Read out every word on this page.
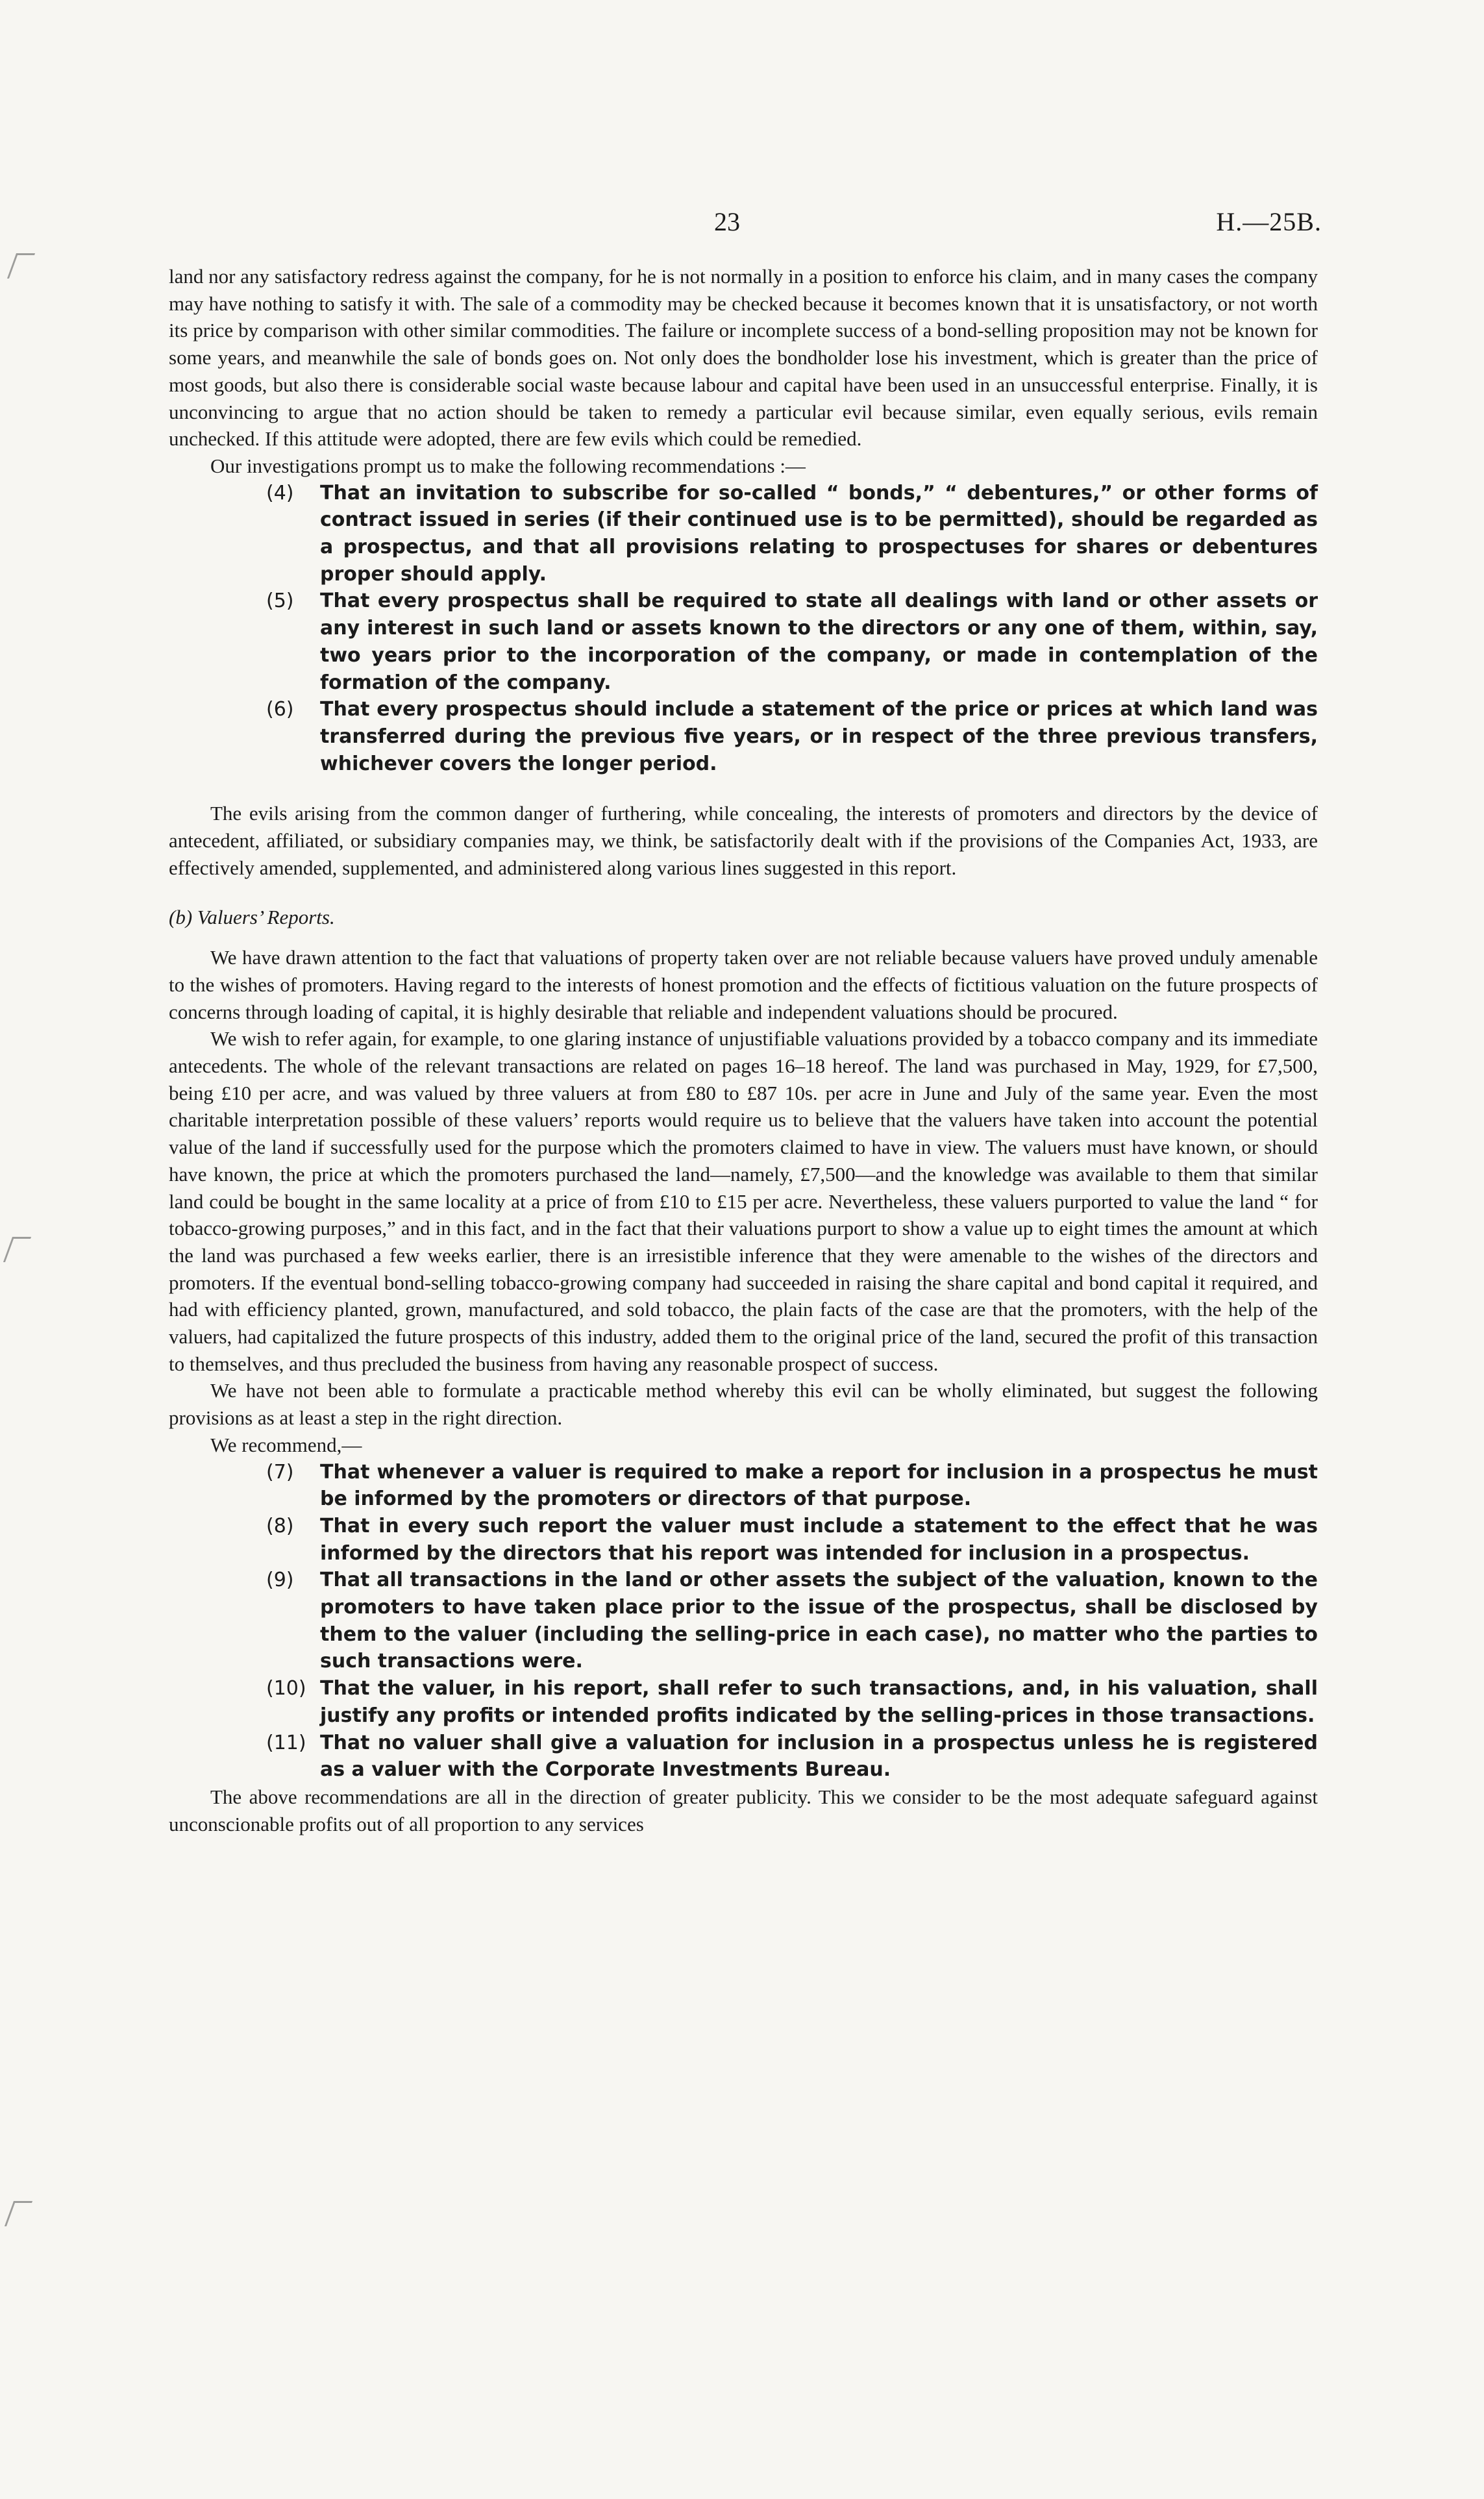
23	H.—25B.

land nor any satisfactory redress against the company, for he is not normally in a position to enforce his claim, and in many cases the company may have nothing to satisfy it with. The sale of a commodity may be checked because it becomes known that it is unsatisfactory, or not worth its price by comparison with other similar commodities. The failure or incomplete success of a bond-selling proposition may not be known for some years, and meanwhile the sale of bonds goes on. Not only does the bondholder lose his investment, which is greater than the price of most goods, but also there is considerable social waste because labour and capital have been used in an unsuccessful enterprise. Finally, it is unconvincing to argue that no action should be taken to remedy a particular evil because similar, even equally serious, evils remain unchecked. If this attitude were adopted, there are few evils which could be remedied.

Our investigations prompt us to make the following recommendations :—

(4)	That an invitation to subscribe for so-called “ bonds,” “ debentures,” or other forms of contract issued in series (if their continued use is to be permitted), should be regarded as a prospectus, and that all provisions relating to prospectuses for shares or debentures proper should apply.
(5)	That every prospectus shall be required to state all dealings with land or other assets or any interest in such land or assets known to the directors or any one of them, within, say, two years prior to the incorporation of the company, or made in contemplation of the formation of the company.
(6)	That every prospectus should include a statement of the price or prices at which land was transferred during the previous five years, or in respect of the three previous transfers, whichever covers the longer period.

The evils arising from the common danger of furthering, while concealing, the interests of promoters and directors by the device of antecedent, affiliated, or subsidiary companies may, we think, be satisfactorily dealt with if the provisions of the Companies Act, 1933, are effectively amended, supplemented, and administered along various lines suggested in this report.

(b) Valuers’ Reports.

We have drawn attention to the fact that valuations of property taken over are not reliable because valuers have proved unduly amenable to the wishes of promoters. Having regard to the interests of honest promotion and the effects of fictitious valuation on the future prospects of concerns through loading of capital, it is highly desirable that reliable and independent valuations should be procured.

We wish to refer again, for example, to one glaring instance of unjustifiable valuations provided by a tobacco company and its immediate antecedents. The whole of the relevant transactions are related on pages 16–18 hereof. The land was purchased in May, 1929, for £7,500, being £10 per acre, and was valued by three valuers at from £80 to £87 10s. per acre in June and July of the same year. Even the most charitable interpretation possible of these valuers’ reports would require us to believe that the valuers have taken into account the potential value of the land if successfully used for the purpose which the promoters claimed to have in view. The valuers must have known, or should have known, the price at which the promoters purchased the land—namely, £7,500—and the knowledge was available to them that similar land could be bought in the same locality at a price of from £10 to £15 per acre. Nevertheless, these valuers purported to value the land “ for tobacco-growing purposes,” and in this fact, and in the fact that their valuations purport to show a value up to eight times the amount at which the land was purchased a few weeks earlier, there is an irresistible inference that they were amenable to the wishes of the directors and promoters. If the eventual bond-selling tobacco-growing company had succeeded in raising the share capital and bond capital it required, and had with efficiency planted, grown, manufactured, and sold tobacco, the plain facts of the case are that the promoters, with the help of the valuers, had capitalized the future prospects of this industry, added them to the original price of the land, secured the profit of this transaction to themselves, and thus precluded the business from having any reasonable prospect of success.

We have not been able to formulate a practicable method whereby this evil can be wholly eliminated, but suggest the following provisions as at least a step in the right direction.

We recommend,—

(7)	That whenever a valuer is required to make a report for inclusion in a prospectus he must be informed by the promoters or directors of that purpose.
(8)	That in every such report the valuer must include a statement to the effect that he was informed by the directors that his report was intended for inclusion in a prospectus.
(9)	That all transactions in the land or other assets the subject of the valuation, known to the promoters to have taken place prior to the issue of the prospectus, shall be disclosed by them to the valuer (including the selling-price in each case), no matter who the parties to such transactions were.
(10) That the valuer, in his report, shall refer to such transactions, and, in his valuation, shall justify any profits or intended profits indicated by the selling-prices in those transactions.
(11) That no valuer shall give a valuation for inclusion in a prospectus unless he is registered as a valuer with the Corporate Investments Bureau.

The above recommendations are all in the direction of greater publicity. This we consider to be the most adequate safeguard against unconscionable profits out of all proportion to any services
